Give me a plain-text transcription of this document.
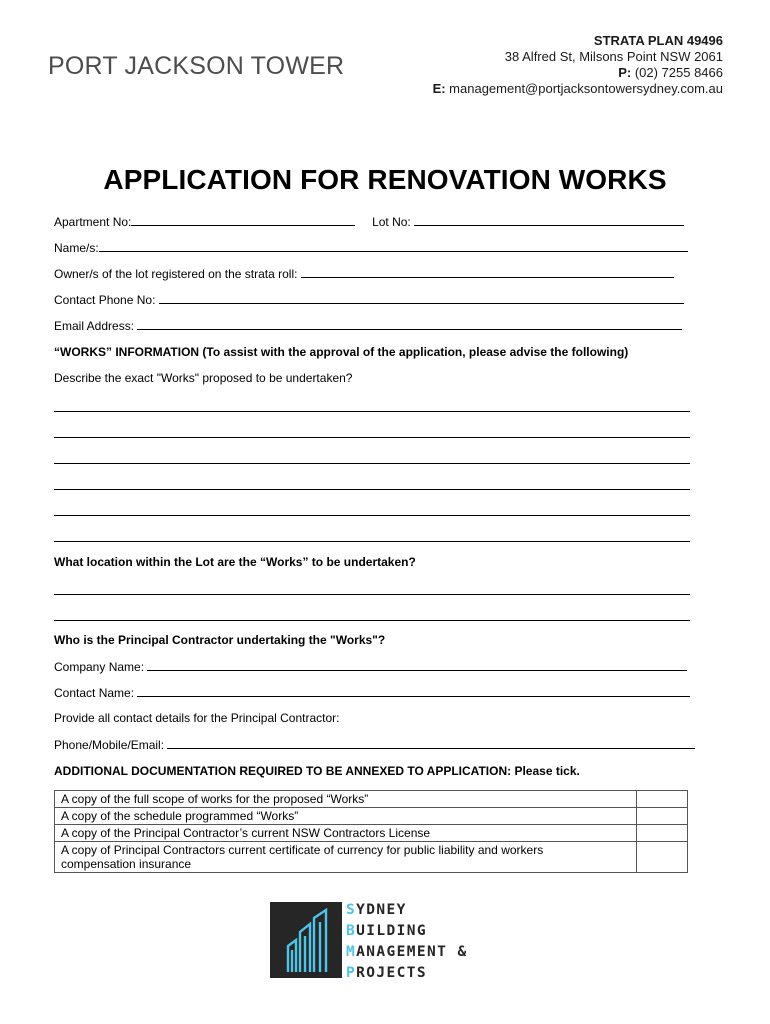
PORT JACKSON TOWER
STRATA PLAN 49496
38 Alfred St, Milsons Point NSW 2061
P: (02) 7255 8466
E: management@portjacksontowersydney.com.au
APPLICATION FOR RENOVATION WORKS
Apartment No:	Lot No:
Name/s:
Owner/s of the lot registered on the strata roll:
Contact Phone No:
Email Address:
“WORKS” INFORMATION (To assist with the approval of the application, please advise the following)
Describe the exact "Works" proposed to be undertaken?
What location within the Lot are the “Works” to be undertaken?
Who is the Principal Contractor undertaking the "Works"?
Company Name:
Contact Name:
Provide all contact details for the Principal Contractor:
Phone/Mobile/Email:
ADDITIONAL DOCUMENTATION REQUIRED TO BE ANNEXED TO APPLICATION: Please tick.
A copy of the full scope of works for the proposed “Works”	
A copy of the schedule programmed “Works”	
A copy of the Principal Contractor’s current NSW Contractors License	
A copy of Principal Contractors current certificate of currency for public liability and workers compensation insurance	
SYDNEY
BUILDING
MANAGEMENT &
PROJECTS
